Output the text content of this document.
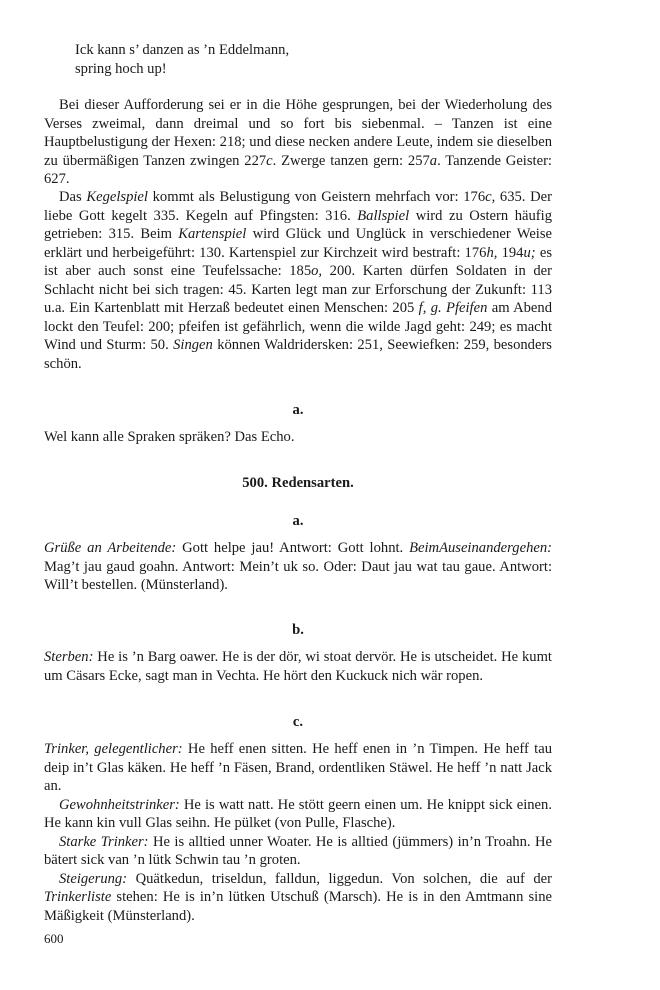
Ick kann s’ danzen as ’n Eddelmann,
spring hoch up!

Bei dieser Aufforderung sei er in die Höhe gesprungen, bei der Wiederholung des Verses zweimal, dann dreimal und so fort bis siebenmal. – Tanzen ist eine Hauptbelustigung der Hexen: 218; und diese necken andere Leute, indem sie dieselben zu übermäßigen Tanzen zwingen 227c. Zwerge tanzen gern: 257a. Tanzende Geister: 627.

Das Kegelspiel kommt als Belustigung von Geistern mehrfach vor: 176c, 635. Der liebe Gott kegelt 335. Kegeln auf Pfingsten: 316. Ballspiel wird zu Ostern häufig getrieben: 315. Beim Kartenspiel wird Glück und Unglück in verschiedener Weise erklärt und herbeigeführt: 130. Kartenspiel zur Kirchzeit wird bestraft: 176h, 194u; es ist aber auch sonst eine Teufelssache: 185o, 200. Karten dürfen Soldaten in der Schlacht nicht bei sich tragen: 45. Karten legt man zur Erforschung der Zukunft: 113 u.a. Ein Kartenblatt mit Herzaß bedeutet einen Menschen: 205 f, g. Pfeifen am Abend lockt den Teufel: 200; pfeifen ist gefährlich, wenn die wilde Jagd geht: 249; es macht Wind und Sturm: 50. Singen können Waldridersken: 251, Seewiefken: 259, besonders schön.

a.

Wel kann alle Spraken spräken? Das Echo.

500. Redensarten.
a.

Grüße an Arbeitende: Gott helpe jau! Antwort: Gott lohnt. BeimAuseinandergehen: Mag’t jau gaud goahn. Antwort: Mein’t uk so. Oder: Daut jau wat tau gaue. Antwort: Will’t bestellen. (Münsterland).

b.

Sterben: He is ’n Barg oawer. He is der dör, wi stoat dervör. He is utscheidet. He kumt um Cäsars Ecke, sagt man in Vechta. He hört den Kuckuck nich wär ropen.

c.

Trinker, gelegentlicher: He heff enen sitten. He heff enen in ’n Timpen. He heff tau deip in’t Glas käken. He heff ’n Fäsen, Brand, ordentliken Stäwel. He heff ’n natt Jack an.

Gewohnheitstrinker: He is watt natt. He stött geern einen um. He knippt sick einen. He kann kin vull Glas seihn. He pülket (von Pulle, Flasche).

Starke Trinker: He is alltied unner Woater. He is alltied (jümmers) in’n Troahn. He bätert sick van ’n lütk Schwin tau ’n groten.

Steigerung: Quätkedun, triseldun, falldun, liggedun. Von solchen, die auf der Trinkerliste stehen: He is in’n lütken Utschuß (Marsch). He is in den Amtmann sine Mäßigkeit (Münsterland).

600
